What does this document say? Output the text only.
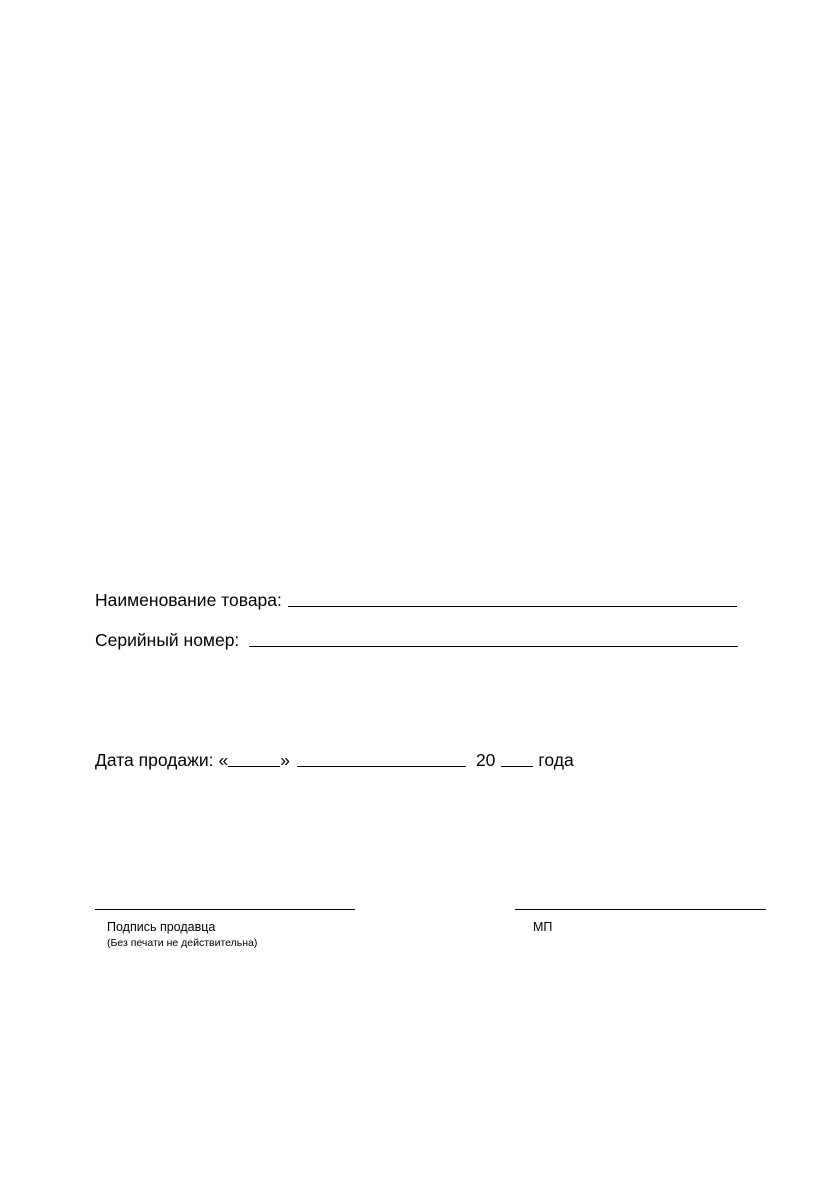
Наименование товара:
Серийный номер:
Дата продажи: «	»	20 года
Подпись продавца
(Без печати не действительна)
МП
